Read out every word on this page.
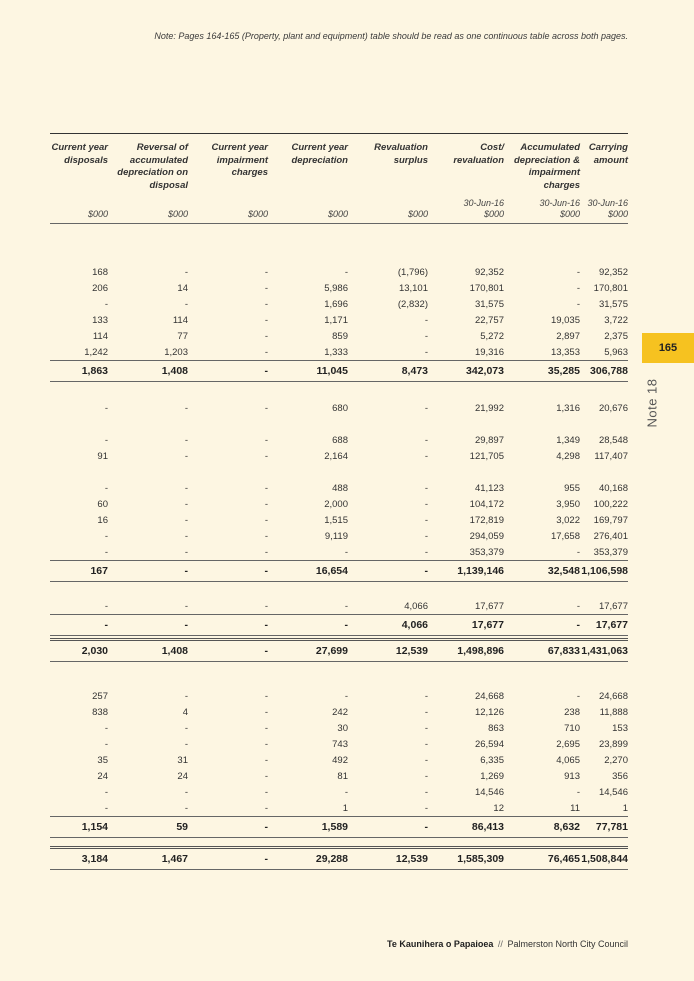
Note: Pages 164-165 (Property, plant and equipment) table should be read as one continuous table across both pages.
Current year disposals	Reversal of accumulated depreciation on disposal	Current year impairment charges	Current year depreciation	Revaluation surplus	Cost/ revaluation	Accumulated depreciation & impairment charges	Carrying amount
					30-Jun-16	30-Jun-16	30-Jun-16
$000	$000	$000	$000	$000	$000	$000	$000

168	-	-	-	(1,796)	92,352	-	92,352
206	14	-	5,986	13,101	170,801	-	170,801
-	-	-	1,696	(2,832)	31,575	-	31,575
133	114	-	1,171	-	22,757	19,035	3,722
114	77	-	859	-	5,272	2,897	2,375
1,242	1,203	-	1,333	-	19,316	13,353	5,963
1,863	1,408	-	11,045	8,473	342,073	35,285	306,788

-	-	-	680	-	21,992	1,316	20,676

-	-	-	688	-	29,897	1,349	28,548
91	-	-	2,164	-	121,705	4,298	117,407

-	-	-	488	-	41,123	955	40,168
60	-	-	2,000	-	104,172	3,950	100,222
16	-	-	1,515	-	172,819	3,022	169,797
-	-	-	9,119	-	294,059	17,658	276,401
-	-	-	-	-	353,379	-	353,379
167	-	-	16,654	-	1,139,146	32,548	1,106,598

-	-	-	-	4,066	17,677	-	17,677
-	-	-	-	4,066	17,677	-	17,677

2,030	1,408	-	27,699	12,539	1,498,896	67,833	1,431,063

257	-	-	-	-	24,668	-	24,668
838	4	-	242	-	12,126	238	11,888
-	-	-	30	-	863	710	153
-	-	-	743	-	26,594	2,695	23,899
35	31	-	492	-	6,335	4,065	2,270
24	24	-	81	-	1,269	913	356
-	-	-	-	-	14,546	-	14,546
-	-	-	1	-	12	11	1
1,154	59	-	1,589	-	86,413	8,632	77,781

3,184	1,467	-	29,288	12,539	1,585,309	76,465	1,508,844
165
Note 18
Te Kaunihera o Papaioea // Palmerston North City Council
